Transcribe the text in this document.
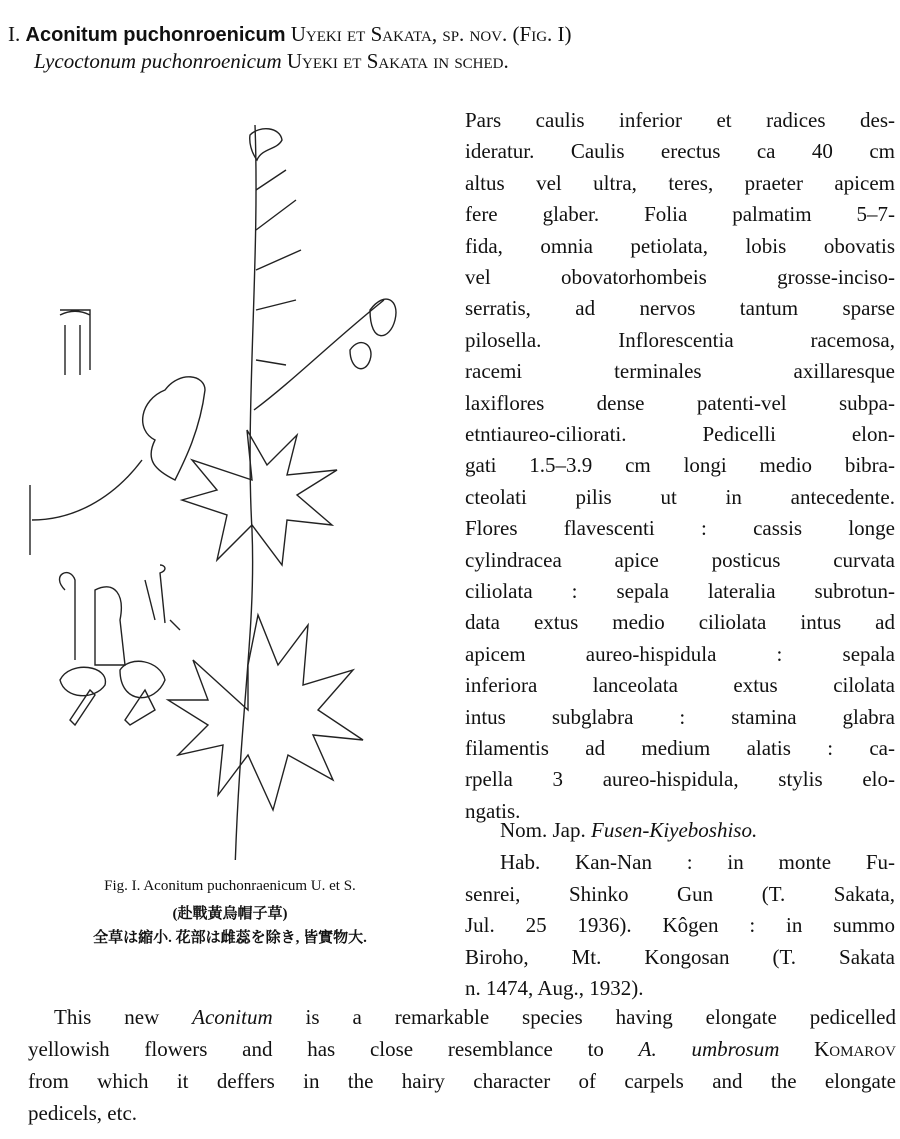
I. Aconitum puchonroenicum Uyeki et Sakata, sp. nov. (Fig. I)
Lycoctonum puchonroenicum Uyeki et Sakata in sched.
Pars caulis inferior et radices des-
ideratur. Caulis erectus ca 40 cm
altus vel ultra, teres, praeter apicem
fere glaber. Folia palmatim 5–7-
fida, omnia petiolata, lobis obovatis
vel obovatorhombeis grosse-inciso-
serratis, ad nervos tantum sparse
pilosella. Inflorescentia racemosa,
racemi terminales axillaresque
laxiflores dense patenti-vel subpa-
etntiaureo-ciliorati. Pedicelli elon-
gati 1.5–3.9 cm longi medio bibra-
cteolati pilis ut in antecedente.
Flores flavescenti : cassis longe
cylindracea apice posticus curvata
ciliolata : sepala lateralia subrotun-
data extus medio ciliolata intus ad
apicem aureo-hispidula : sepala
inferiora lanceolata extus cilolata
intus subglabra : stamina glabra
filamentis ad medium alatis : ca-
rpella 3 aureo-hispidula, stylis elo-
ngatis.
Nom. Jap. Fusen-Kiyeboshiso.
Hab. Kan-Nan : in monte Fu-
senrei, Shinko Gun (T. Sakata,
Jul. 25 1936). Kôgen : in summo
Biroho, Mt. Kongosan (T. Sakata
n. 1474, Aug., 1932).
Fig. I. Aconitum puchonraenicum U. et S.
(赴戰黃烏帽子草)
全草は縮小. 花部は雌蕊を除き, 皆實物大.
This new Aconitum is a remarkable species having elongate pedicelled
yellowish flowers and has close resemblance to A. umbrosum Komarov
from which it deffers in the hairy character of carpels and the elongate
pedicels, etc.
